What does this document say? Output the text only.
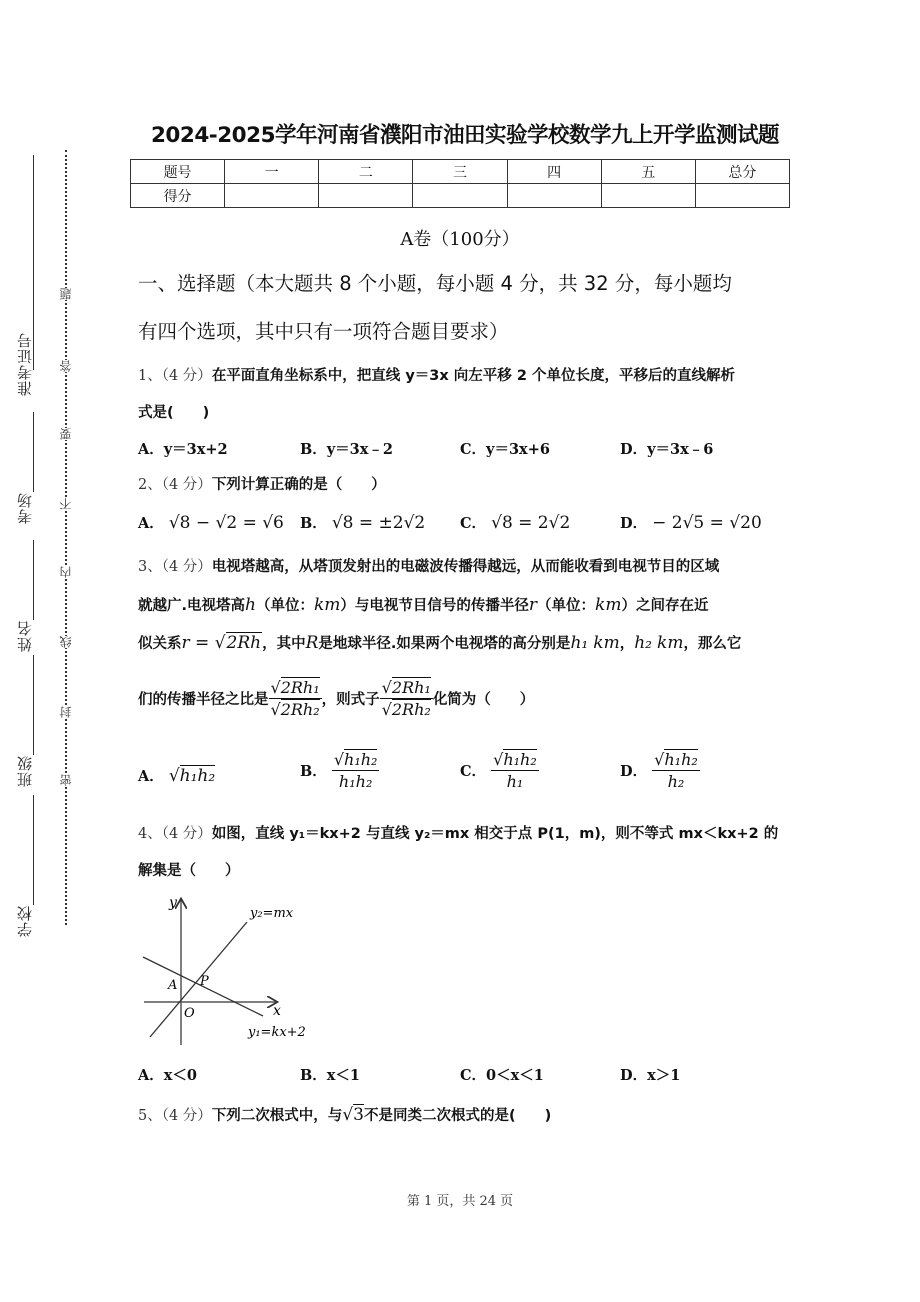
准考证号
考场
姓名
班级
学校
题
答
要
不
内
线
封
密
2024-2025学年河南省濮阳市油田实验学校数学九上开学监测试题
题号	一	二	三	四	五	总分
得分						
A卷（100分）
一、选择题（本大题共 8 个小题，每小题 4 分，共 32 分，每小题均
有四个选项，其中只有一项符合题目要求）
1、（4 分）在平面直角坐标系中，把直线 y＝3x 向左平移 2 个单位长度，平移后的直线解析
式是(　　)
A．y＝3x+2	B．y＝3x﹣2	C．y＝3x+6	D．y＝3x﹣6
2、（4 分）下列计算正确的是（　　）
A． √8 − √2 = √6 B． √8 = ±2√2 C． √8 = 2√2	D． − 2√5 = √20
3、（4 分）电视塔越高，从塔顶发射出的电磁波传播得越远，从而能收看到电视节目的区域
就越广.电视塔高h（单位：km）与电视节目信号的传播半径r（单位：km）之间存在近
似关系r = √2Rh，其中R是地球半径.如果两个电视塔的高分别是h₁ km，h₂ km，那么它
们的传播半径之比是 $\frac{\text{√2Rh₁}}{\text{√2Rh₂}}$ ，则式子 $\frac{\text{√2Rh₁}}{\text{√2Rh₂}}$ 化简为（　　）
A． √h₁h₂	B．
$\frac{\text{√h₁h₂}}{\text{h₁h₂}}$	C．
$\frac{\text{√h₁h₂}}{\text{h₁}}$	D．
$\frac{\text{√h₁h₂}}{\text{h₂}}$
4、（4 分）如图，直线 y₁＝kx+2 与直线 y₂＝mx 相交于点 P(1，m)，则不等式 mx＜kx+2 的
解集是（　　）
y
x
O
A P
y₂=mx
y₁=kx+2
A．x＜0	B．x＜1	C．0＜x＜1	D．x＞1
5、（4 分）下列二次根式中，与√3不是同类二次根式的是(　　)
第 1 页，共 24 页
